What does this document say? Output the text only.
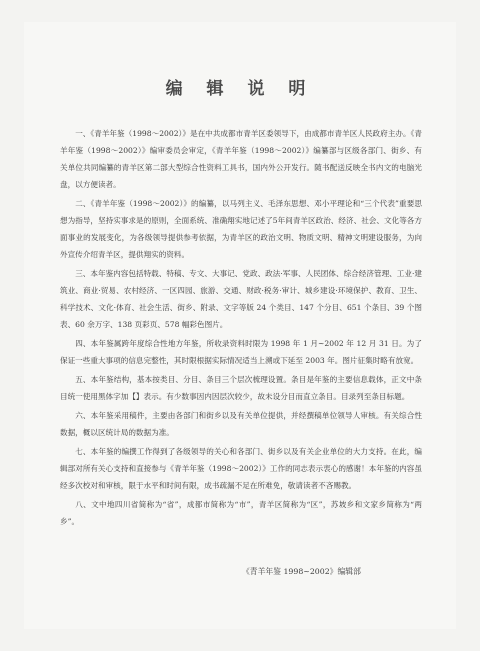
编 辑 说 明

一、《青羊年鉴（1998～2002）》是在中共成都市青羊区委领导下，由成都市青羊区人民政府主办。《青羊年鉴（1998～2002）》编审委员会审定，《青羊年鉴（1998～2002）》编纂部与区级各部门、街乡、有关单位共同编纂的青羊区第二部大型综合性资料工具书，国内外公开发行。随书配送反映全书内文的电脑光盘，以方便读者。

二、《青羊年鉴（1998～2002）》的编纂，以马列主义、毛泽东思想、邓小平理论和“三个代表”重要思想为指导，坚持实事求是的原则，全面系统、准确翔实地记述了5年间青羊区政治、经济、社会、文化等各方面事业的发展变化，为各级领导提供参考依据，为青羊区的政治文明、物质文明、精神文明建设服务，为向外宣传介绍青羊区，提供翔实的资料。

三、本年鉴内容包括特载、特稿、专文、大事记、党政、政法·军事、人民团体、综合经济管理、工业·建筑业、商业·贸易、农村经济、一区四园、旅游、交通、财政·税务·审计、城乡建设·环境保护、教育、卫生、科学技术、文化·体育、社会生活、街乡、附录、文字等版 24 个类目、147 个分目、651 个条目、39 个图表、60 余万字、138 页彩页、578 幅彩色图片。

四、本年鉴属跨年度综合性地方年鉴，所收录资料时限为 1998 年 1 月~2002 年 12 月 31 日。为了保证一些重大事项的信息完整性，其时限根据实际情况适当上溯或下延至 2003 年。图片征集时略有放宽。

五、本年鉴结构，基本按类目、分目、条目三个层次梳理设置。条目是年鉴的主要信息载体，正文中条目统一使用黑体字加【】表示。有少数事因内因层次较少，故未设分目而直立条目。目录列至条目标题。

六、本年鉴采用稿件，主要由各部门和街乡以及有关单位提供，并经撰稿单位领导人审核。有关综合性数据，概以区统计局的数据为准。

七、本年鉴的编撰工作得到了各级领导的关心和各部门、街乡以及有关企业单位的大力支持。在此，编辑部对所有关心支持和直接参与《青羊年鉴（1998～2002）》工作的同志表示衷心的感谢！本年鉴的内容虽经多次校对和审核，限于水平和时间有限，成书疏漏不足在所难免，敬请读者不吝赐教。

八、文中地四川省简称为“省”，成都市简称为“市”，青羊区简称为“区”，苏坡乡和文家乡简称为“两乡”。

《青羊年鉴 1998~2002》编辑部
